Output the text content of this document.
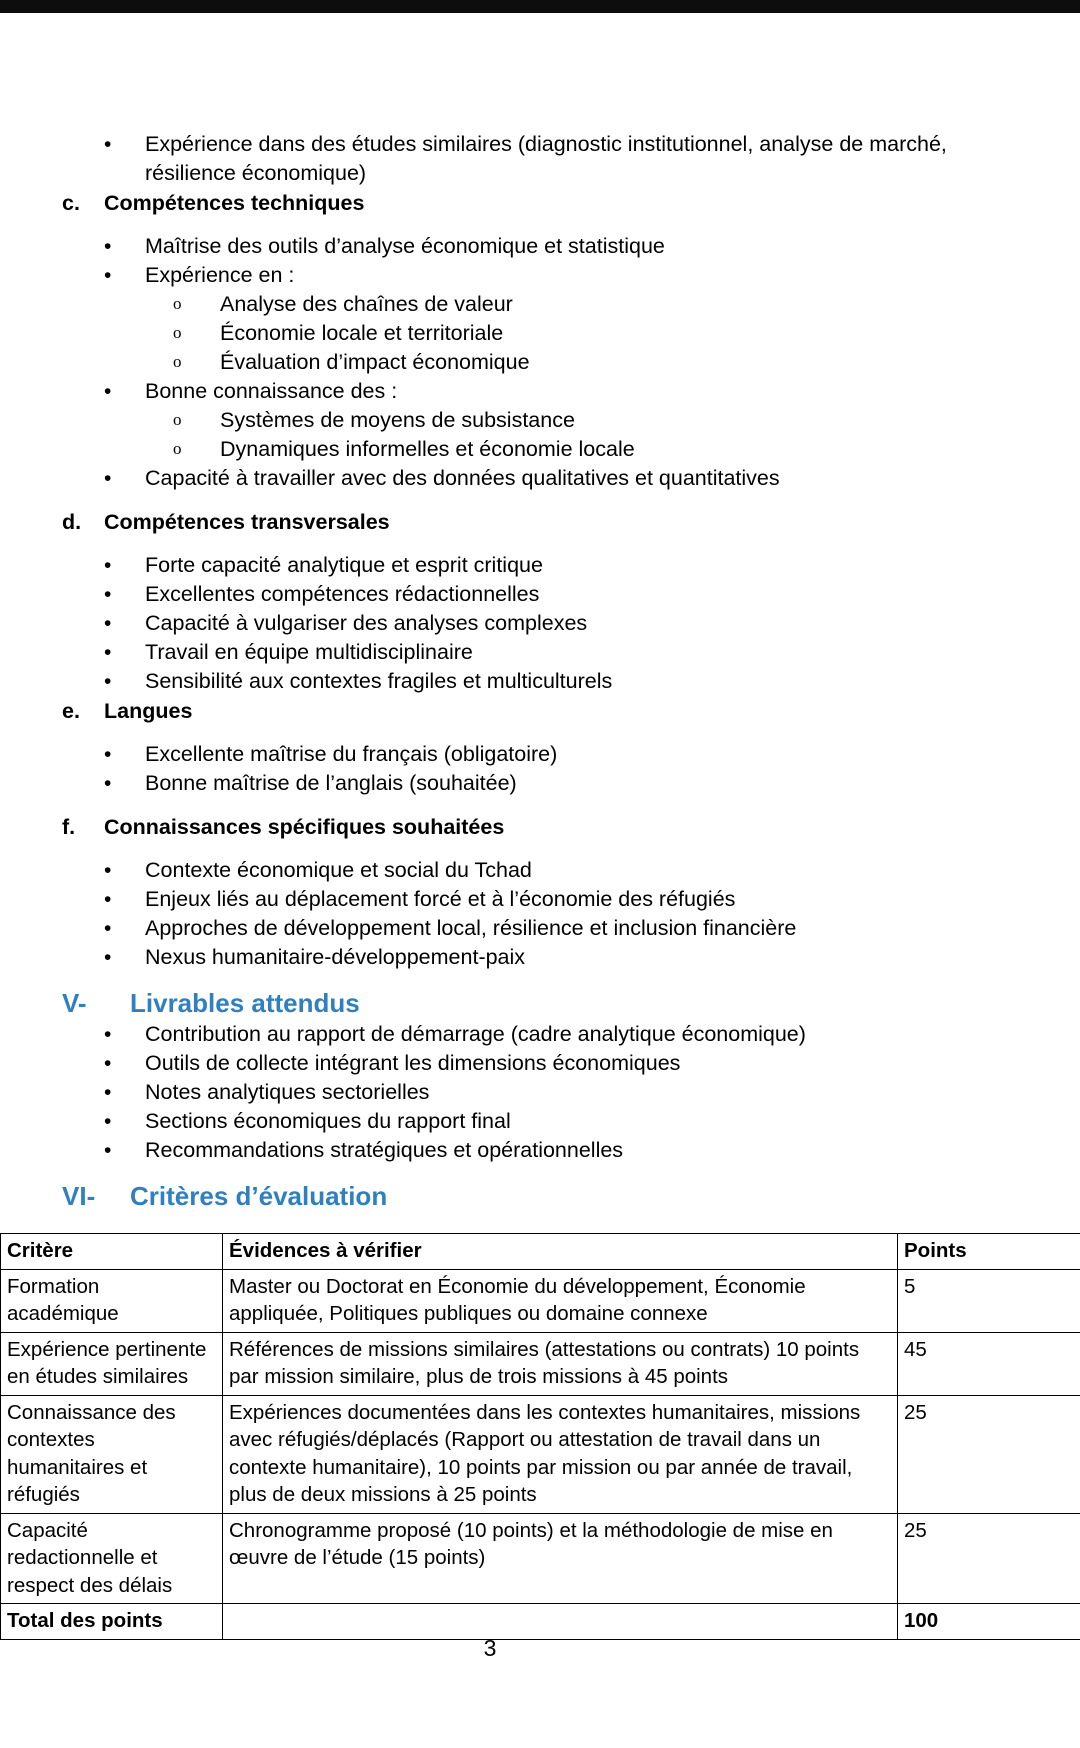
• Expérience dans des études similaires (diagnostic institutionnel, analyse de marché, résilience économique)
c. Compétences techniques
• Maîtrise des outils d’analyse économique et statistique
• Expérience en :
o Analyse des chaînes de valeur
o Économie locale et territoriale
o Évaluation d’impact économique
• Bonne connaissance des :
o Systèmes de moyens de subsistance
o Dynamiques informelles et économie locale
• Capacité à travailler avec des données qualitatives et quantitatives
d. Compétences transversales
• Forte capacité analytique et esprit critique
• Excellentes compétences rédactionnelles
• Capacité à vulgariser des analyses complexes
• Travail en équipe multidisciplinaire
• Sensibilité aux contextes fragiles et multiculturels
e. Langues
• Excellente maîtrise du français (obligatoire)
• Bonne maîtrise de l’anglais (souhaitée)
f. Connaissances spécifiques souhaitées
• Contexte économique et social du Tchad
• Enjeux liés au déplacement forcé et à l’économie des réfugiés
• Approches de développement local, résilience et inclusion financière
• Nexus humanitaire-développement-paix
V- Livrables attendus
• Contribution au rapport de démarrage (cadre analytique économique)
• Outils de collecte intégrant les dimensions économiques
• Notes analytiques sectorielles
• Sections économiques du rapport final
• Recommandations stratégiques et opérationnelles
VI- Critères d’évaluation
Critère	Évidences à vérifier	Points
Formation académique	Master ou Doctorat en Économie du développement, Économie appliquée, Politiques publiques ou domaine connexe	5
Expérience pertinente en études similaires	Références de missions similaires (attestations ou contrats) 10 points par mission similaire, plus de trois missions à 45 points	45
Connaissance des contextes humanitaires et réfugiés	Expériences documentées dans les contextes humanitaires, missions avec réfugiés/déplacés (Rapport ou attestation de travail dans un contexte humanitaire), 10 points par mission ou par année de travail, plus de deux missions à 25 points	25
Capacité redactionnelle et respect des délais	Chronogramme proposé (10 points) et la méthodologie de mise en œuvre de l’étude (15 points)	25
Total des points		100
3
